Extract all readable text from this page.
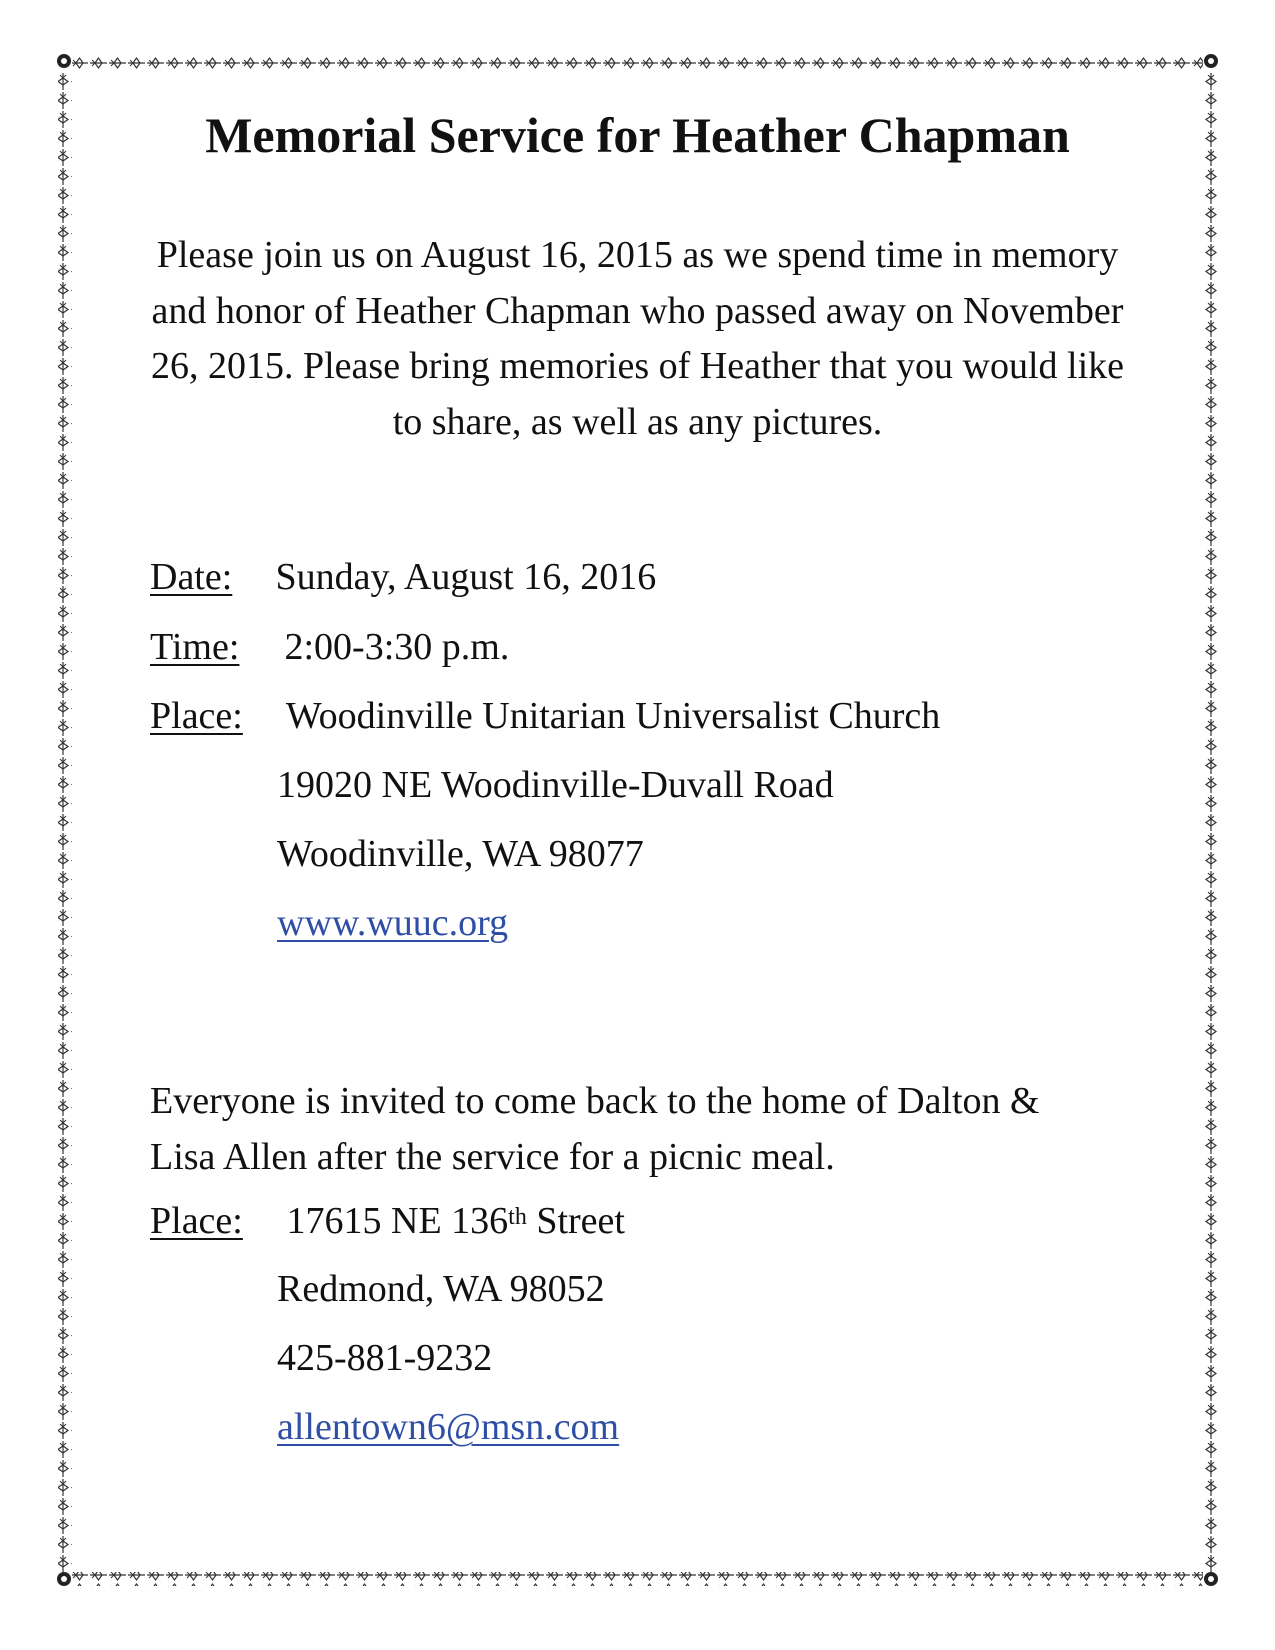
Memorial Service for Heather Chapman

Please join us on August 16, 2015 as we spend time in memory and honor of Heather Chapman who passed away on November 26, 2015. Please bring memories of Heather that you would like to share, as well as any pictures.

Date: Sunday, August 16, 2016
Time: 2:00-3:30 p.m.
Place: Woodinville Unitarian Universalist Church
19020 NE Woodinville-Duvall Road
Woodinville, WA 98077
www.wuuc.org

Everyone is invited to come back to the home of Dalton & Lisa Allen after the service for a picnic meal.

Place: 17615 NE 136th Street
Redmond, WA 98052
425-881-9232
allentown6@msn.com
